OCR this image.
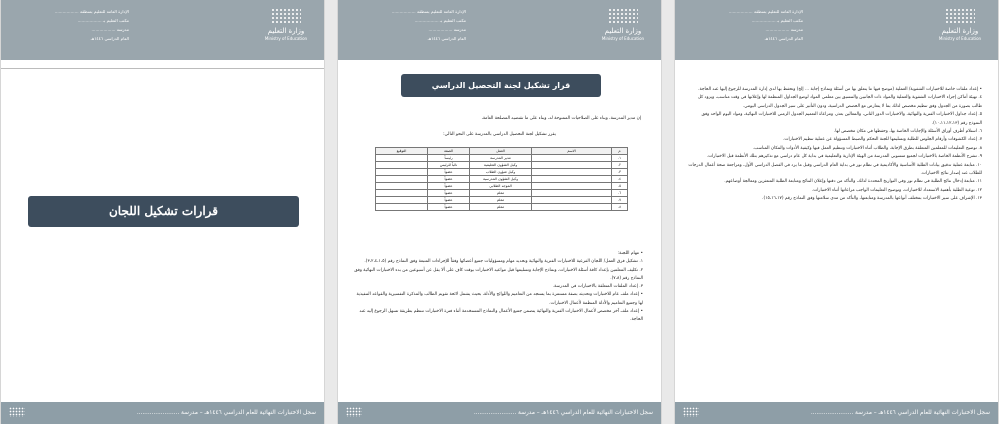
الإدارة العامة للتعليم بمنطقة ..................
مكتب التعليم بـ ..................
مدرسة ..................
العام الدراسي ۱٤٤٦هـ
وزارة التعليم
Ministry of Education
قرارات تشكيل اللجان
سجل الاختبارات النهائية للعام الدراسي ١٤٤٦هـ – مدرسة .......................
الإدارة العامة للتعليم بمنطقة ..................
مكتب التعليم بـ ..................
مدرسة ..................
العام الدراسي ۱٤٤٦هـ
وزارة التعليم
Ministry of Education
قرار تشكيل لجنة التحصيل الدراسي
إن مدير المدرسة، وبناء على الصلاحيات الممنوحة له، وبناء على ما تقتضيه المصلحة العامة،
يقرر تشكيل لجنة التحصيل الدراسي بالمدرسة على النحو التالي:
م	الاسم	العمل	الصفة	التوقيع
١.		مدير المدرسة	رئيساً	
٢.		وكيل الشؤون التعليمية	نائباً للرئيس	
٣.		وكيل شؤون الطلاب	عضواً	
٤.		وكيل الشؤون المدرسية	عضواً	
٥.		الموجه الطلابي	عضواً	
٦.		معلم	عضواً	
٧.		معلم	عضواً	
٨.		معلم	عضواً	
• مهام اللجنة:
١. تشكيل فرق العمل/ اللجان الفرعية للاختبارات الفترية والنهائية وتحديد مهام ومسؤوليات جميع أعضائها وفقاً للإجراءات المتبعة وفق النماذج رقم (٣،٢،٤،١،٥).
٢. تكليف المعلمين بإعداد كافة أسئلة الاختبارات، ونماذج الإجابة وتسليمها قبل مواعيد الاختبارات بوقت كاف على ألا يقل عن أسبوعين من بدء الاختبارات النهائية وفق النماذج رقم (٧،٨).
٣. إعداد الملفات المتعلقة بالاختبارات في المدرسة.
• إعداد ملف عام للاختبارات وتحديثه بصفة مستمرة بما يستجد من التعاميم واللوائح والأدلة، بحيث يشمل لائحة تقويم الطالب والمذكرة التفسيرية والقواعد التنفيذية لها وجميع التعاميم والأدلة المنظمة لأعمال الاختبارات.
• إعداد ملف آخر مخصص لأعمال الاختبارات الفترية والنهائية يتضمن جميع الأعمال والنماذج المستخدمة أثناء فترة الاختبارات تنتظم بطريقة تسهل الرجوع إليه عند الحاجة.
سجل الاختبارات النهائية للعام الدراسي ١٤٤٦هـ – مدرسة .......................
الإدارة العامة للتعليم بمنطقة ..................
مكتب التعليم بـ ..................
مدرسة ..................
العام الدراسي ۱٤٤٦هـ
وزارة التعليم
Ministry of Education
• إعداد ملفات خاصة للاختبارات الشفوية/ العملية (موضح فيها ما يتعلق بها من أسئلة ونماذج إجابة ... إلخ) وتحفظ بها لدى إدارة المدرسة للرجوع إليها عند الحاجة.
٤. تهيئة أماكن إجراء الاختبارات الشفوية والعملية والمواد ذات الجانبين والتنسيق بين معلمي المواد لوضع الجداول المنظمة لها وإعلانها في وقت مناسب، ويزود كل طالب بصورة من الجدول وفق تنظيم مخصص لذلك بما لا يتعارض مع الحصص الدراسية، ودون التأثير على سير الجدول الدراسي اليومي.
٥. إعداد جداول الاختبارات الفترية والنهائية، والاختبارات الدور الثاني، والمعالين بعذر، ومراعاة التعميم الجدول الزمني للاختبارات النهائية، ومواد اليوم الواحد وفق النموذج رقم (١٠،١١،١٢،١٣).
٦. استلام أظرف أوراق الأسئلة والإجابات الخاصة بها، وحفظها في مكان مخصص لها.
٧. إعداد الكشوفات وأرقام الجلوس للطلبة وتسليمها للجنة التحكم والضبط المسؤولة عن عملية تنظيم الاختبارات.
٨. توضيح التعليمات للمعلمين المتعلقة بطرق الإجابة، والطلاب أثناء الاختبارات وتنظيم العمل فيها وكيفية الأدوات والمكان المناسب.
٩. تشرح الأنظمة الخاصة بالاختبارات لجميع منسوبي المدرسة من الهيئة الإدارية والتعليمية في بداية كل عام دراسي مع تذكيرهم بتلك الأنظمة قبل الاختبارات.
١٠. متابعة عملية تدقيق بيانات الطلبة الأساسية والأكاديمية في نظام نور في بداية العام الدراسي وقبل ما يرد في الفصل الدراسي الأول، ومراجعة صحة أعمال الدرجات للطلاب عند إصدار نتائج الاختبارات.
١١. متابعة إدخال نتائج الطلبة في نظام نور وفي التواريخ المحددة لذلك، والتأكد من دقتها وإعلان النتائج ومتابعة الطلبة المتعثرين ومعالجة أوضاعهم.
١٢. توعية الطلبة بأهمية الاستعداد للاختبارات، وتوضيح التعليمات الواجب مراعاتها أثناء الاختبارات.
١٣. الإشراف على سير الاختبارات بمختلف أنواعها بالمدرسة ومتابعتها، والتأكد من مدى سلامتها وفق النماذج رقم (١٥،١٦،١٧).
سجل الاختبارات النهائية للعام الدراسي ١٤٤٦هـ – مدرسة .......................
